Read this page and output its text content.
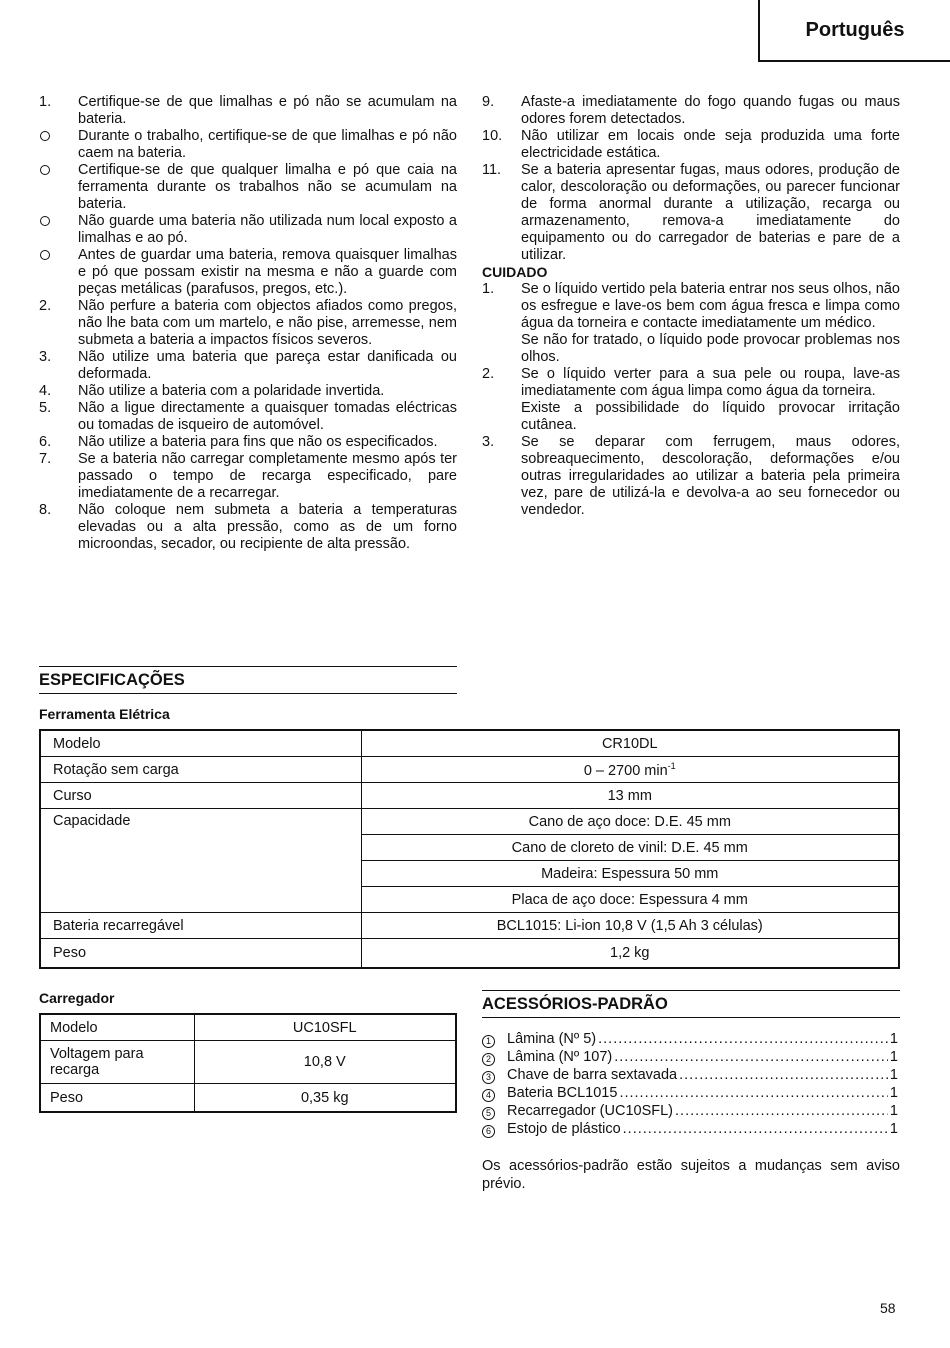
Português
1.	Certifique-se de que limalhas e pó não se acumulam na bateria.
Durante o trabalho, certifique-se de que limalhas e pó não caem na bateria.
Certifique-se de que qualquer limalha e pó que caia na ferramenta durante os trabalhos não se acumulam na bateria.
Não guarde uma bateria não utilizada num local exposto a limalhas e ao pó.
Antes de guardar uma bateria, remova quaisquer limalhas e pó que possam existir na mesma e não a guarde com peças metálicas (parafusos, pregos, etc.).
2.	Não perfure a bateria com objectos afiados como pregos, não lhe bata com um martelo, e não pise, arremesse, nem submeta a bateria a impactos físicos severos.
3.	Não utilize uma bateria que pareça estar danificada ou deformada.
4.	Não utilize a bateria com a polaridade invertida.
5.	Não a ligue directamente a quaisquer tomadas eléctricas ou tomadas de isqueiro de automóvel.
6.	Não utilize a bateria para fins que não os especificados.
7.	Se a bateria não carregar completamente mesmo após ter passado o tempo de recarga especificado, pare imediatamente de a recarregar.
8.	Não coloque nem submeta a bateria a temperaturas elevadas ou a alta pressão, como as de um forno microondas, secador, ou recipiente de alta pressão.
9.	Afaste-a imediatamente do fogo quando fugas ou maus odores forem detectados.
10.	Não utilizar em locais onde seja produzida uma forte electricidade estática.
11.	Se a bateria apresentar fugas, maus odores, produção de calor, descoloração ou deformações, ou parecer funcionar de forma anormal durante a utilização, recarga ou armazenamento, remova-a imediatamente do equipamento ou do carregador de baterias e pare de a utilizar.
CUIDADO
1.	Se o líquido vertido pela bateria entrar nos seus olhos, não os esfregue e lave-os bem com água fresca e limpa como água da torneira e contacte imediatamente um médico.
Se não for tratado, o líquido pode provocar problemas nos olhos.
2.	Se o líquido verter para a sua pele ou roupa, lave-as imediatamente com água limpa como água da torneira.
Existe a possibilidade do líquido provocar irritação cutânea.
3.	Se se deparar com ferrugem, maus odores, sobreaquecimento, descoloração, deformações e/ou outras irregularidades ao utilizar a bateria pela primeira vez, pare de utilizá-la e devolva-a ao seu fornecedor ou vendedor.
ESPECIFICAÇÕES
Ferramenta Elétrica
Modelo	CR10DL
Rotação sem carga	0 – 2700 $\min^{-1}$
Curso	13 mm
Capacidade	Cano de aço doce: D.E. 45 mm
	Cano de cloreto de vinil: D.E. 45 mm
	Madeira: Espessura 50 mm
	Placa de aço doce: Espessura 4 mm
Bateria recarregável	BCL1015: Li-ion 10,8 V (1,5 Ah 3 células)
Peso	1,2 kg
Carregador
Modelo	UC10SFL
Voltagem para
recarga	10,8 V
Peso	0,35 kg
ACESSÓRIOS-PADRÃO
1 Lâmina (Nº 5) .....	1
2 Lâmina (Nº 107) .....	1
3 Chave de barra sextavada .....	1
4 Bateria BCL1015 .....	1
5 Recarregador (UC10SFL) .....	1
6 Estojo de plástico .....	1
Os acessórios-padrão estão sujeitos a mudanças sem aviso prévio.
58
